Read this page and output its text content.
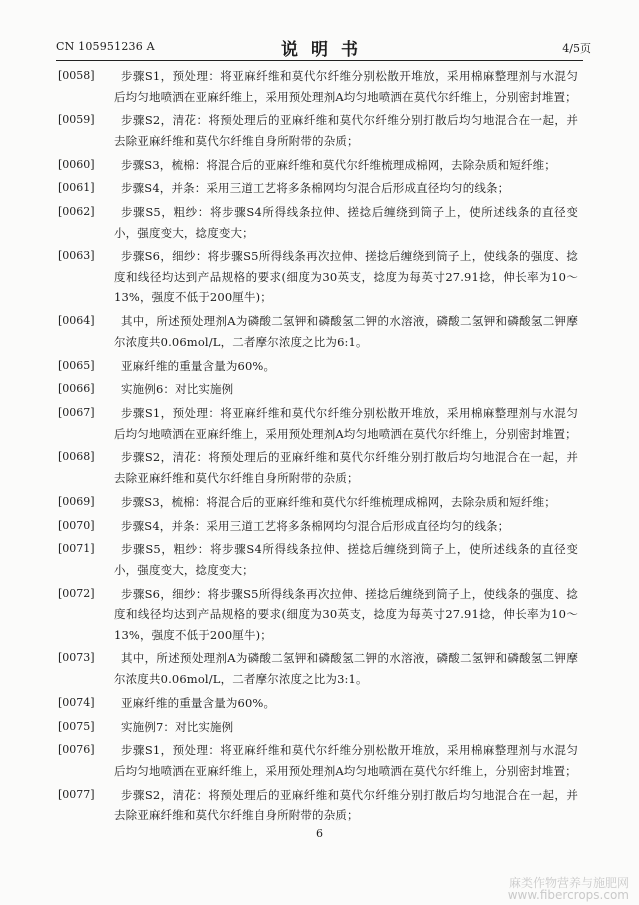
CN 105951236 A	说明书	4/5页
[0058]	步骤S1，预处理：将亚麻纤维和莫代尔纤维分别松散开堆放，采用棉麻整理剂与水混匀后均匀地喷洒在亚麻纤维上，采用预处理剂A均匀地喷洒在莫代尔纤维上，分别密封堆置；
[0059]	步骤S2，清花：将预处理后的亚麻纤维和莫代尔纤维分别打散后均匀地混合在一起，并去除亚麻纤维和莫代尔纤维自身所附带的杂质；
[0060]	步骤S3，梳棉：将混合后的亚麻纤维和莫代尔纤维梳理成棉网，去除杂质和短纤维；
[0061]	步骤S4，并条：采用三道工艺将多条棉网均匀混合后形成直径均匀的线条；
[0062]	步骤S5，粗纱：将步骤S4所得线条拉伸、搓捻后缠绕到筒子上，使所述线条的直径变小，强度变大，捻度变大；
[0063]	步骤S6，细纱：将步骤S5所得线条再次拉伸、搓捻后缠绕到筒子上，使线条的强度、捻度和线径均达到产品规格的要求(细度为30英支，捻度为每英寸27.91捻，伸长率为10～13%，强度不低于200厘牛)；
[0064]	其中，所述预处理剂A为磷酸二氢钾和磷酸氢二钾的水溶液，磷酸二氢钾和磷酸氢二钾摩尔浓度共0.06mol/L，二者摩尔浓度之比为6:1。
[0065]	亚麻纤维的重量含量为60%。
[0066]	实施例6：对比实施例
[0067]	步骤S1，预处理：将亚麻纤维和莫代尔纤维分别松散开堆放，采用棉麻整理剂与水混匀后均匀地喷洒在亚麻纤维上，采用预处理剂A均匀地喷洒在莫代尔纤维上，分别密封堆置；
[0068]	步骤S2，清花：将预处理后的亚麻纤维和莫代尔纤维分别打散后均匀地混合在一起，并去除亚麻纤维和莫代尔纤维自身所附带的杂质；
[0069]	步骤S3，梳棉：将混合后的亚麻纤维和莫代尔纤维梳理成棉网，去除杂质和短纤维；
[0070]	步骤S4，并条：采用三道工艺将多条棉网均匀混合后形成直径均匀的线条；
[0071]	步骤S5，粗纱：将步骤S4所得线条拉伸、搓捻后缠绕到筒子上，使所述线条的直径变小，强度变大，捻度变大；
[0072]	步骤S6，细纱：将步骤S5所得线条再次拉伸、搓捻后缠绕到筒子上，使线条的强度、捻度和线径均达到产品规格的要求(细度为30英支，捻度为每英寸27.91捻，伸长率为10～13%，强度不低于200厘牛)；
[0073]	其中，所述预处理剂A为磷酸二氢钾和磷酸氢二钾的水溶液，磷酸二氢钾和磷酸氢二钾摩尔浓度共0.06mol/L，二者摩尔浓度之比为3:1。
[0074]	亚麻纤维的重量含量为60%。
[0075]	实施例7：对比实施例
[0076]	步骤S1，预处理：将亚麻纤维和莫代尔纤维分别松散开堆放，采用棉麻整理剂与水混匀后均匀地喷洒在亚麻纤维上，采用预处理剂A均匀地喷洒在莫代尔纤维上，分别密封堆置；
[0077]	步骤S2，清花：将预处理后的亚麻纤维和莫代尔纤维分别打散后均匀地混合在一起，并去除亚麻纤维和莫代尔纤维自身所附带的杂质；
6
麻类作物营养与施肥网
www.fibercrops.com
